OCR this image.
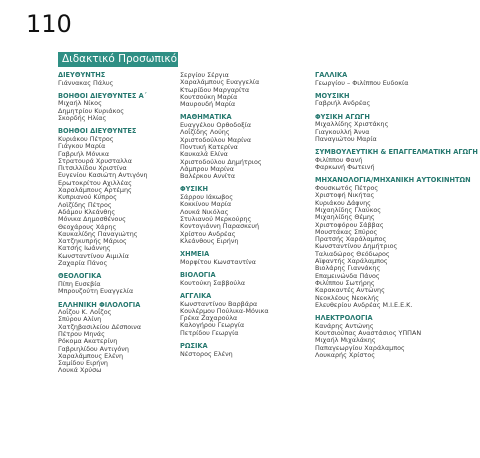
110
Διδακτικό Προσωπικό
ΔΙΕΥΘΥΝΤΗΣ
Γιάννακας Πάλυς
ΒΟΗΘΟΙ ΔΙΕΥΘΥΝΤΕΣ Α΄
Μιχαήλ Νίκος
Δημητρίου Κυριάκος
Σκορδής Ηλίας
ΒΟΗΘΟΙ ΔΙΕΥΘΥΝΤΕΣ
Κυριάκου Πέτρος
Γιάγκου Μαρία
Γαβριήλ Μόνικα
Στρατουρά Χρυσταλλα
Πιτσιλλίδου Χριστίνα
Ευγενίου Κασιώτη Αντιγόνη
Ερωτοκρίτου Αχιλλέας
Χαραλάμπους Αρτέμης
Κυπριανού Κύπρος
Λοϊζίδης Πέτρος
Αδάμου Κλεάνθης
Μόνικα Δημοσθένους
Θεοχάρους Χάρης
Καυκαλίδης Παναγιώτης
Χατζηκυπρής Μάριος
Κατσής Ιωάννης
Κωνσταντίνου Αιμιλία
Ζαχαρία Πάνος
ΘΕΟΛΟΓΙΚΑ
Πίπη Ευσεβία
Μπρουζούτη Ευαγγελία
ΕΛΛΗΝΙΚΗ ΦΙΛΟΛΟΓΙΑ
Λοΐζου Κ. Λοΐζος
Σπύρου Αλίνη
Χατζηβασιλείου Δέσποινα
Πέτρου Μηνάς
Ρόκομα Ακατερίνη
Γαβριηλίδου Αντιγόνη
Χαραλάμπους Ελένη
Σαμίδου Ειρήνη
Λουκά Χρύσω
Σεργίου Σέργια
Χαραλάμπους Ευαγγελία
Κτωρίδου Μαργαρίτα
Κουτσούκη Μαρία
Μαυρουδή Μαρία
ΜΑΘΗΜΑΤΙΚΑ
Ευαγγέλου Ορθοδοξία
Λοΐζίδης Λούης
Χριστοδούλου Μαρίνα
Ποντική Κατερίνα
Καυκαλά Ελίνα
Χριστοδούλου Δημήτριος
Λάμπρου Μαρίνα
Βαλέρκου Αννίτα
ΦΥΣΙΚΗ
Σάρρου Ιάκωβος
Κοκκίνου Μαρία
Λουκά Νικόλας
Στυλιανού Μερκούρης
Κοντογιάννη Παρασκευή
Χρίστου Ανδρέας
Κλεάνθους Ειρήνη
ΧΗΜΕΙΑ
Μορφίτου Κωνσταντίνα
ΒΙΟΛΟΓΙΑ
Κουτούκη Σαββούλα
ΑΓΓΛΙΚΑ
Κωνσταντίνου Βαρβάρα
Κουλέρμου Πούλικα-Μόνικα
Γρέκα Ζαχαρούλα
Καλογήρου Γεωργία
Πετρίδου Γεωργία
ΡΩΣΙΚΑ
Νέστορος Ελένη
ΓΑΛΛΙΚΑ
Γεωργίου – Φιλίππου Ευδοκία
ΜΟΥΣΙΚΗ
Γαβριήλ Ανδρέας
ΦΥΣΙΚΗ ΑΓΩΓΗ
Μιχαλλίδης Χριστάκης
Γιαγκουλλή Άννα
Παναγιώτου Μαρία
ΣΥΜΒΟΥΛΕΥΤΙΚΗ & ΕΠΑΓΓΕΛΜΑΤΙΚΗ ΑΓΩΓΗ
Φιλίππου Φανή
Φαρκωνή Φωτεινή
ΜΗΧΑΝΟΛΟΓΙΑ/ΜΗΧΑΝΙΚΗ ΑΥΤΟΚΙΝΗΤΩΝ
Φουσκωτός Πέτρος
Χριστοφή Νικήτας
Κυριάκου Δάφνης
Μιχαηλίδης Γλαύκος
Μιχαηλίδης Θέμης
Χριστοφόρου Σάββας
Μουστάκας Σπύρος
Πρατσής Χαράλαμπος
Κωνσταντίνου Δημήτριος
Ταλιαδώρος Θεόδωρος
Αϊφαντής Χαράλαμπος
Βιολάρης Γιαννάκης
Επαμεινώνδα Πάνος
Φιλίππου Σωτήρης
Καρακαντές Αντώνης
Νεοκλέους Νεοκλής
Ελευθερίου Ανδρέας Μ.Ι.Ε.Ε.Κ.
ΗΛΕΚΤΡΟΛΟΓΙΑ
Κανάρης Αντώνης
Κουτσιούπας Αναστάσιος ΥΠΠΑΝ
Μιχαήλ Μιχαλάκης
Παπαγεωργίου Χαράλαμπος
Λουκαρής Χρίστος
